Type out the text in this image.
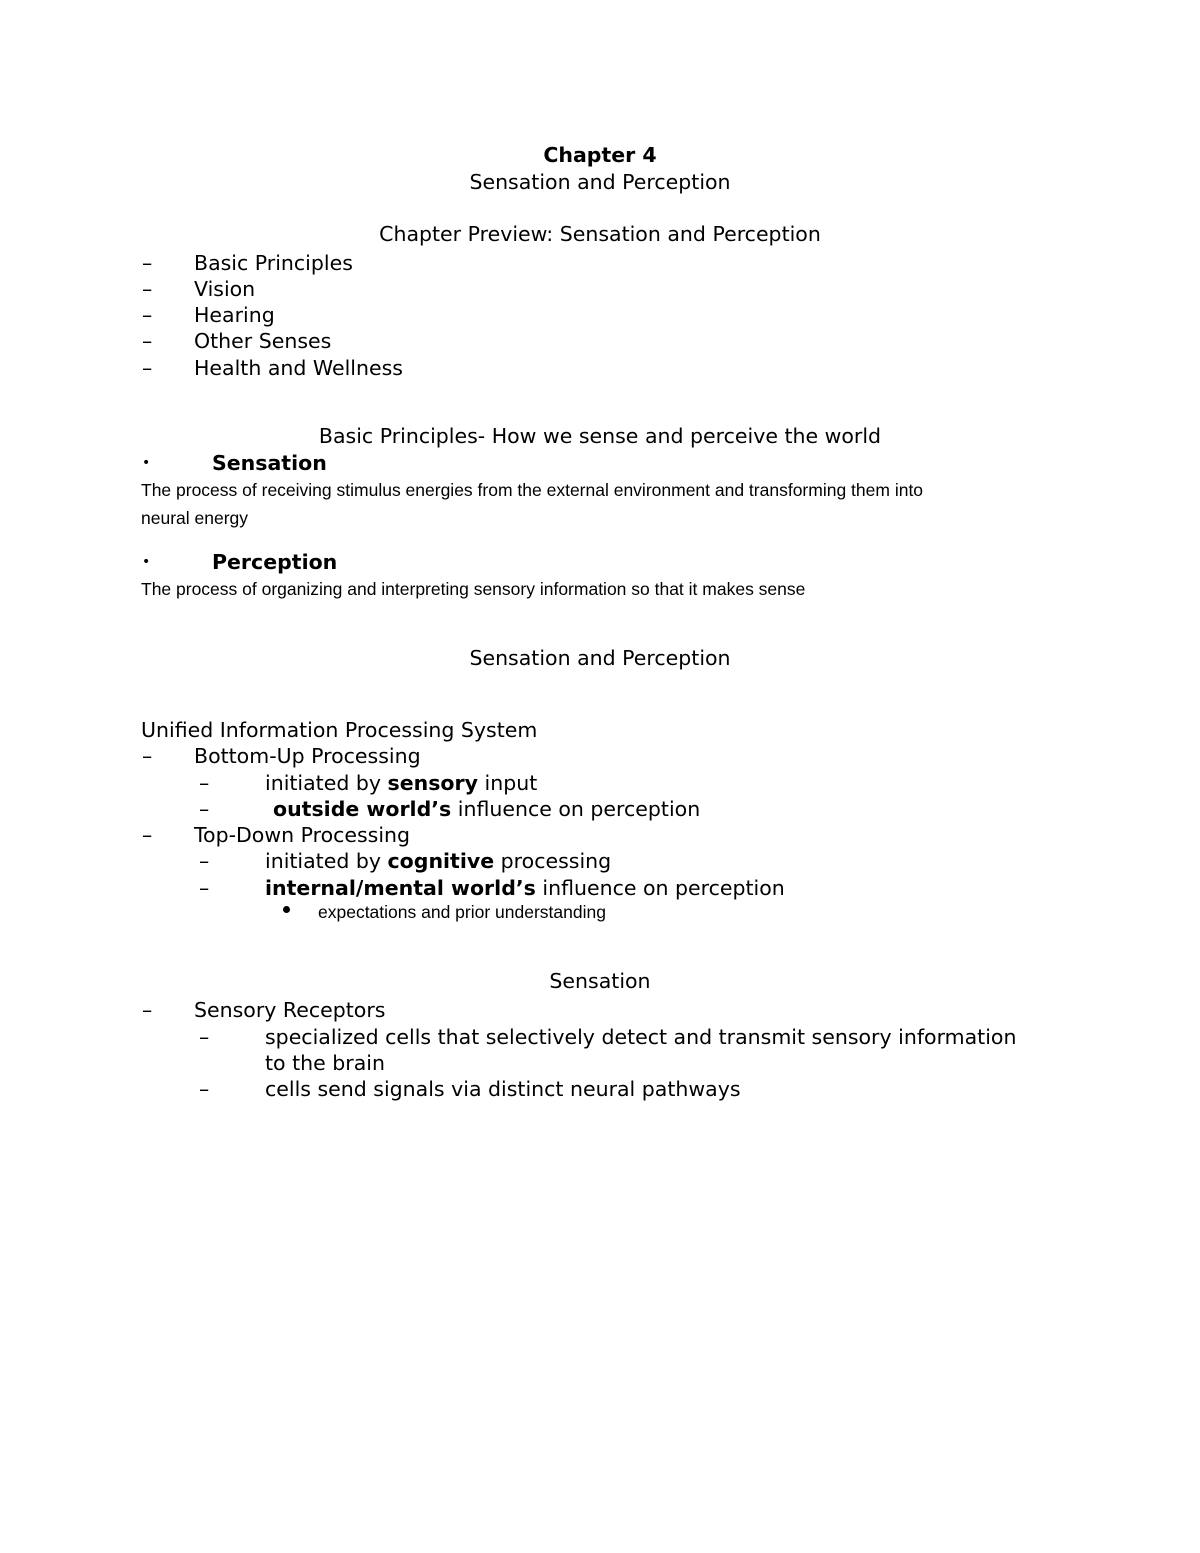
Chapter 4
Sensation and Perception
Chapter Preview: Sensation and Perception
– Basic Principles
– Vision
– Hearing
– Other Senses
– Health and Wellness
Basic Principles- How we sense and perceive the world
•	Sensation
The process of receiving stimulus energies from the external environment and transforming them into
neural energy
•	Perception
The process of organizing and interpreting sensory information so that it makes sense
Sensation and Perception
Unified Information Processing System
– Bottom-Up Processing
–	initiated by sensory input
–	outside world’s influence on perception
– Top-Down Processing
–	initiated by cognitive processing
–	internal/mental world’s influence on perception
expectations and prior understanding
Sensation
– Sensory Receptors
–	specialized cells that selectively detect and transmit sensory information
to the brain
–	cells send signals via distinct neural pathways
